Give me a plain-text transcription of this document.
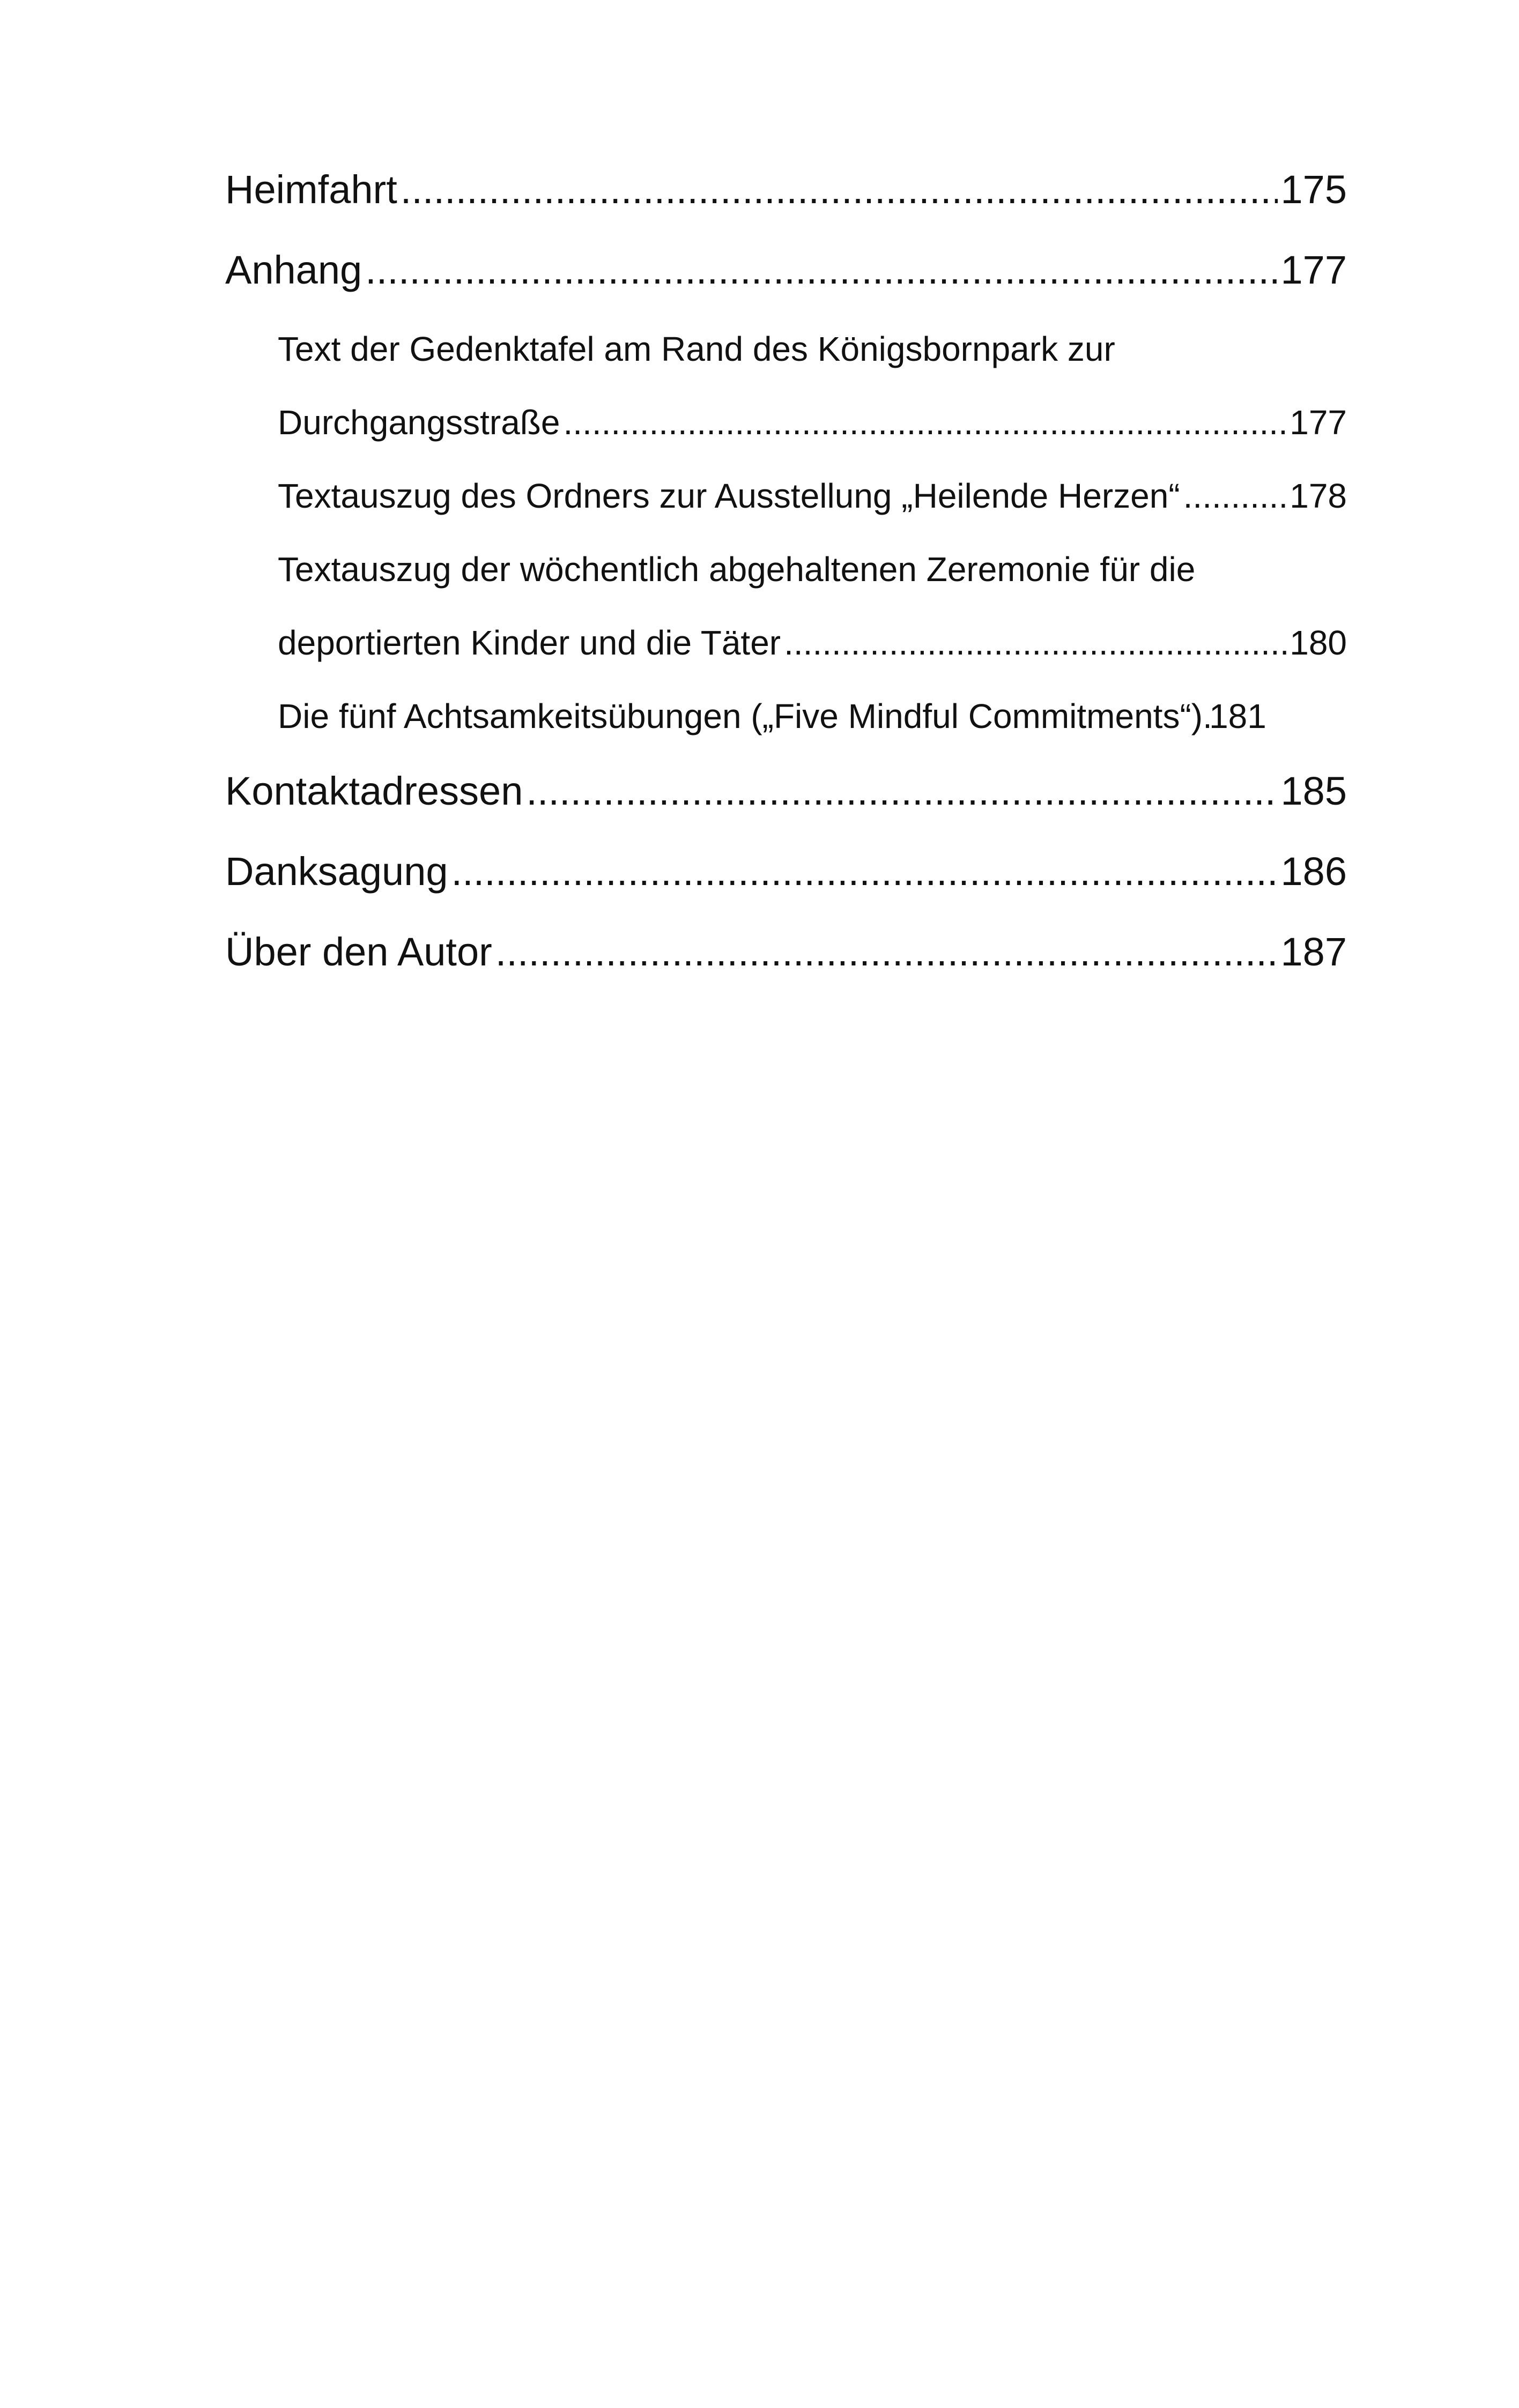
Heimfahrt .....	175
Anhang .....	177
Text der Gedenktafel am Rand des Königsbornpark zur
Durchgangsstraße .....	177
Textauszug des Ordners zur Ausstellung „Heilende Herzen“ .....	178
Textauszug der wöchentlich abgehaltenen Zeremonie für die
deportierten Kinder und die Täter .....	180
Die fünf Achtsamkeitsübungen („Five Mindful Commitments“) ..... 181
Kontaktadressen .....	185
Danksagung .....	186
Über den Autor .....	187
